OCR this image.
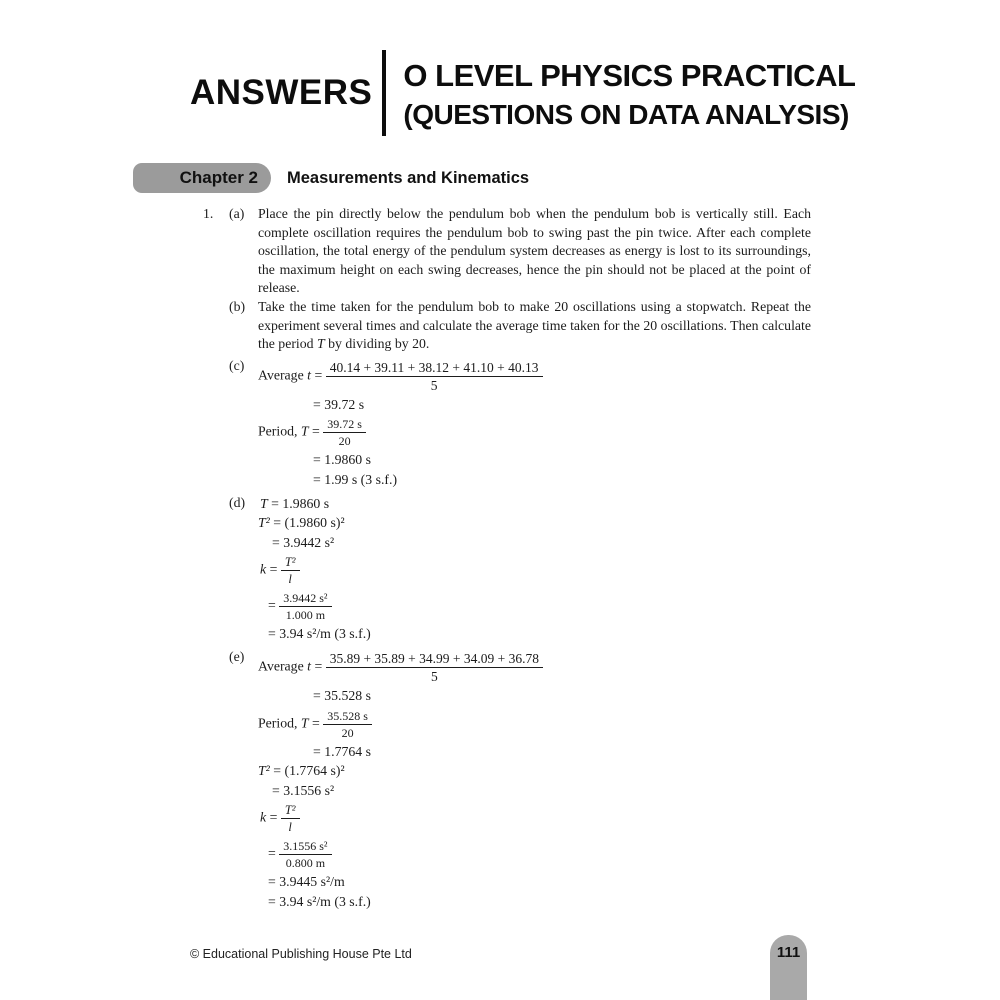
ANSWERS O LEVEL PHYSICS PRACTICAL
(QUESTIONS ON DATA ANALYSIS)
Chapter 2	Measurements and Kinematics
1.	(a) Place the pin directly below the pendulum bob when the pendulum bob is vertically still. Each complete oscillation requires the pendulum bob to swing past the pin twice. After each complete oscillation, the total energy of the pendulum system decreases as energy is lost to its surroundings, the maximum height on each swing decreases, hence the pin should not be placed at the point of release.
(b) Take the time taken for the pendulum bob to make 20 oscillations using a stopwatch. Repeat the experiment several times and calculate the average time taken for the 20 oscillations. Then calculate the period T by dividing by 20.
(c)
Average $t = \frac{40.14 + 39.11 + 38.12 + 41.10 + 40.13}{5}$
= 39.72 s
Period, $T = \frac{39.72 s}{20}$
= 1.9860 s
= 1.99 s (3 s.f.)
(d)	T = 1.9860 s
T² = (1.9860 s)²
= 3.9442 s²
$k = \frac{\text{T²}}{l}$
= $\frac{\text{3.9442 s²}}{1.000 m}$
= 3.94 s²/m (3 s.f.)
(e)
Average $t = \frac{35.89 + 35.89 + 34.99 + 34.09 + 36.78}{5}$
= 35.528 s
Period, $T = \frac{35.528 s}{20}$
= 1.7764 s
T² = (1.7764 s)²
= 3.1556 s²
$k = \frac{\text{T²}}{l}$
= $\frac{\text{3.1556 s²}}{0.800 m}$
= 3.9445 s²/m
= 3.94 s²/m (3 s.f.)
© Educational Publishing House Pte Ltd	111
